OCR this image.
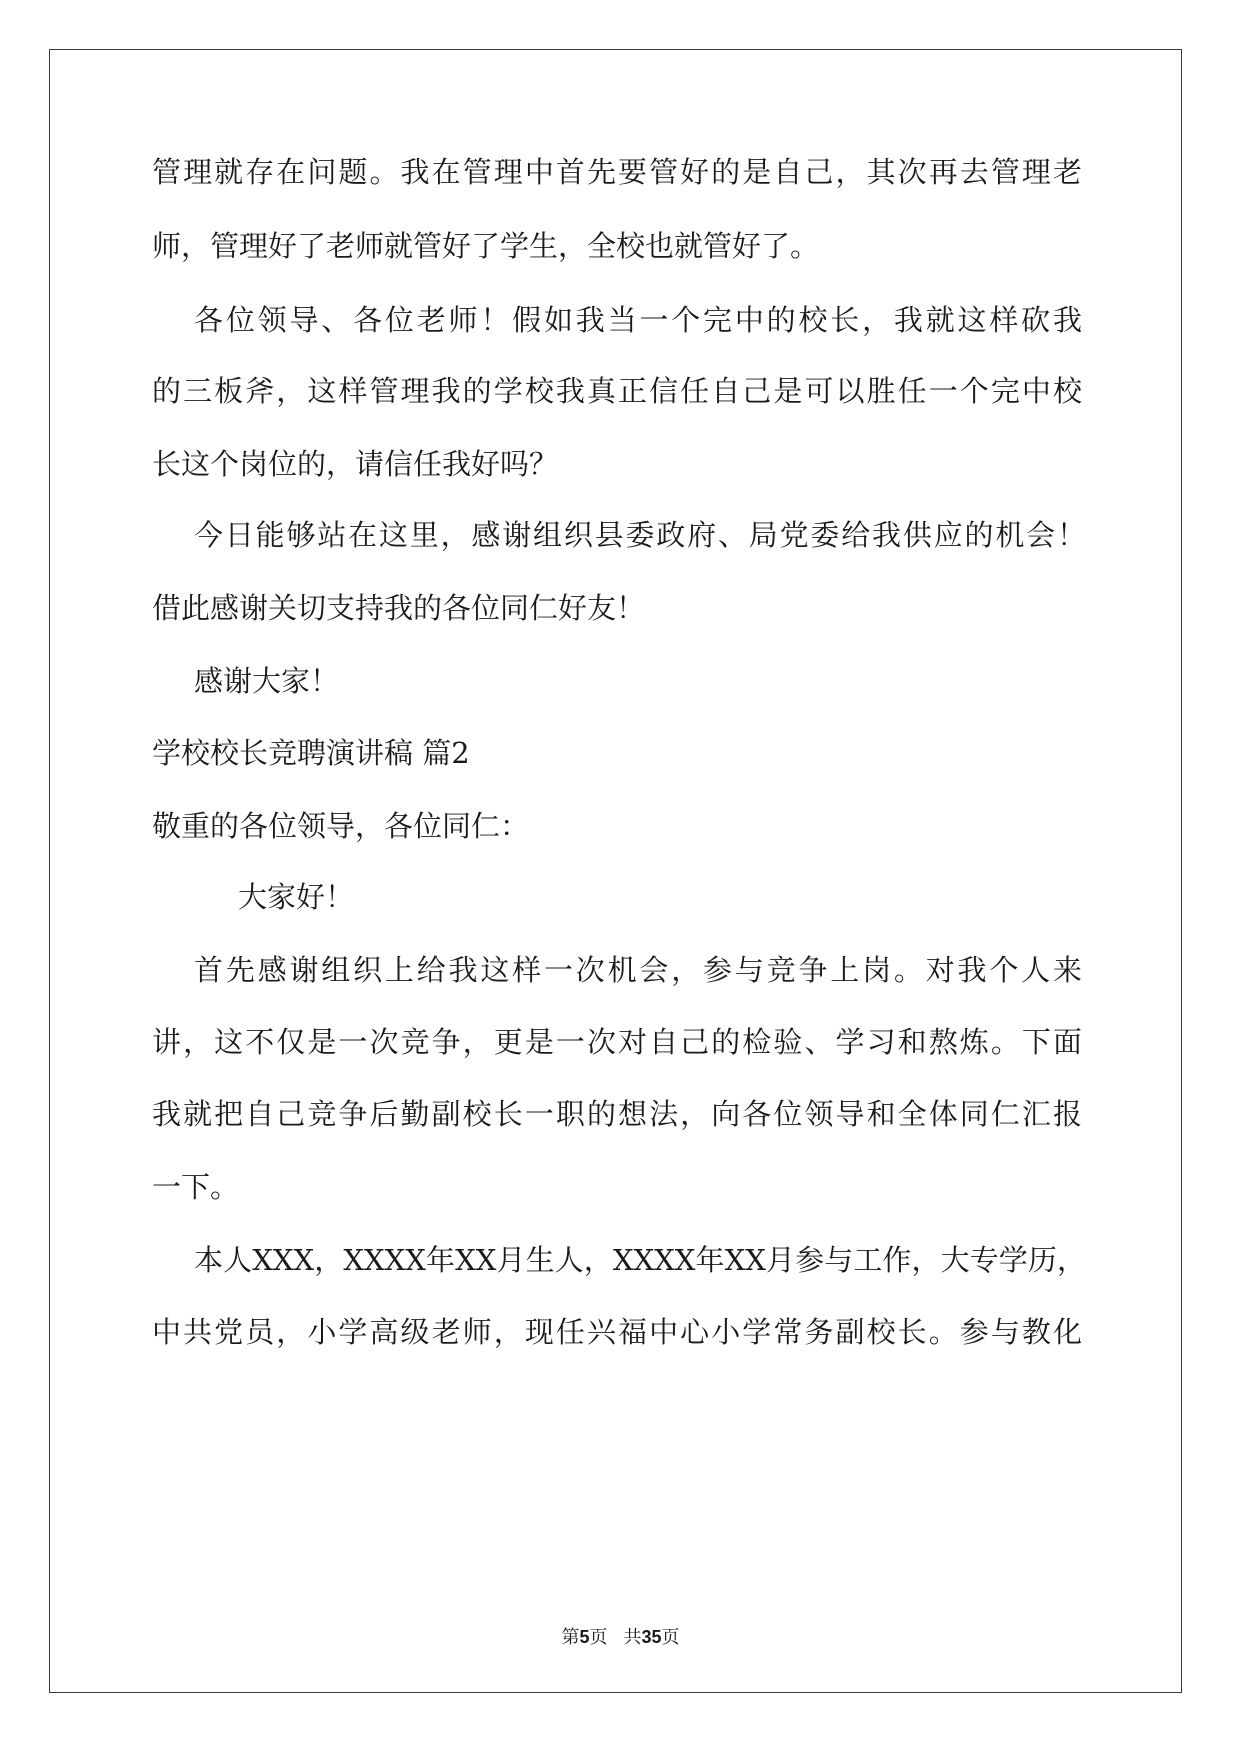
管理就存在问题。我在管理中首先要管好的是自己，其次再去管理老
师，管理好了老师就管好了学生，全校也就管好了。
各位领导、各位老师！假如我当一个完中的校长，我就这样砍我
的三板斧，这样管理我的学校我真正信任自己是可以胜任一个完中校
长这个岗位的，请信任我好吗？
今日能够站在这里，感谢组织县委政府、局党委给我供应的机会！
借此感谢关切支持我的各位同仁好友！
感谢大家！
学校校长竞聘演讲稿 篇2
敬重的各位领导，各位同仁：
大家好！
首先感谢组织上给我这样一次机会，参与竞争上岗。对我个人来
讲，这不仅是一次竞争，更是一次对自己的检验、学习和熬炼。下面
我就把自己竞争后勤副校长一职的想法，向各位领导和全体同仁汇报
一下。
本人XXX，XXXX年XX月生人，XXXX年XX月参与工作，大专学历，
中共党员，小学高级老师，现任兴福中心小学常务副校长。参与教化
第5页 共35页
